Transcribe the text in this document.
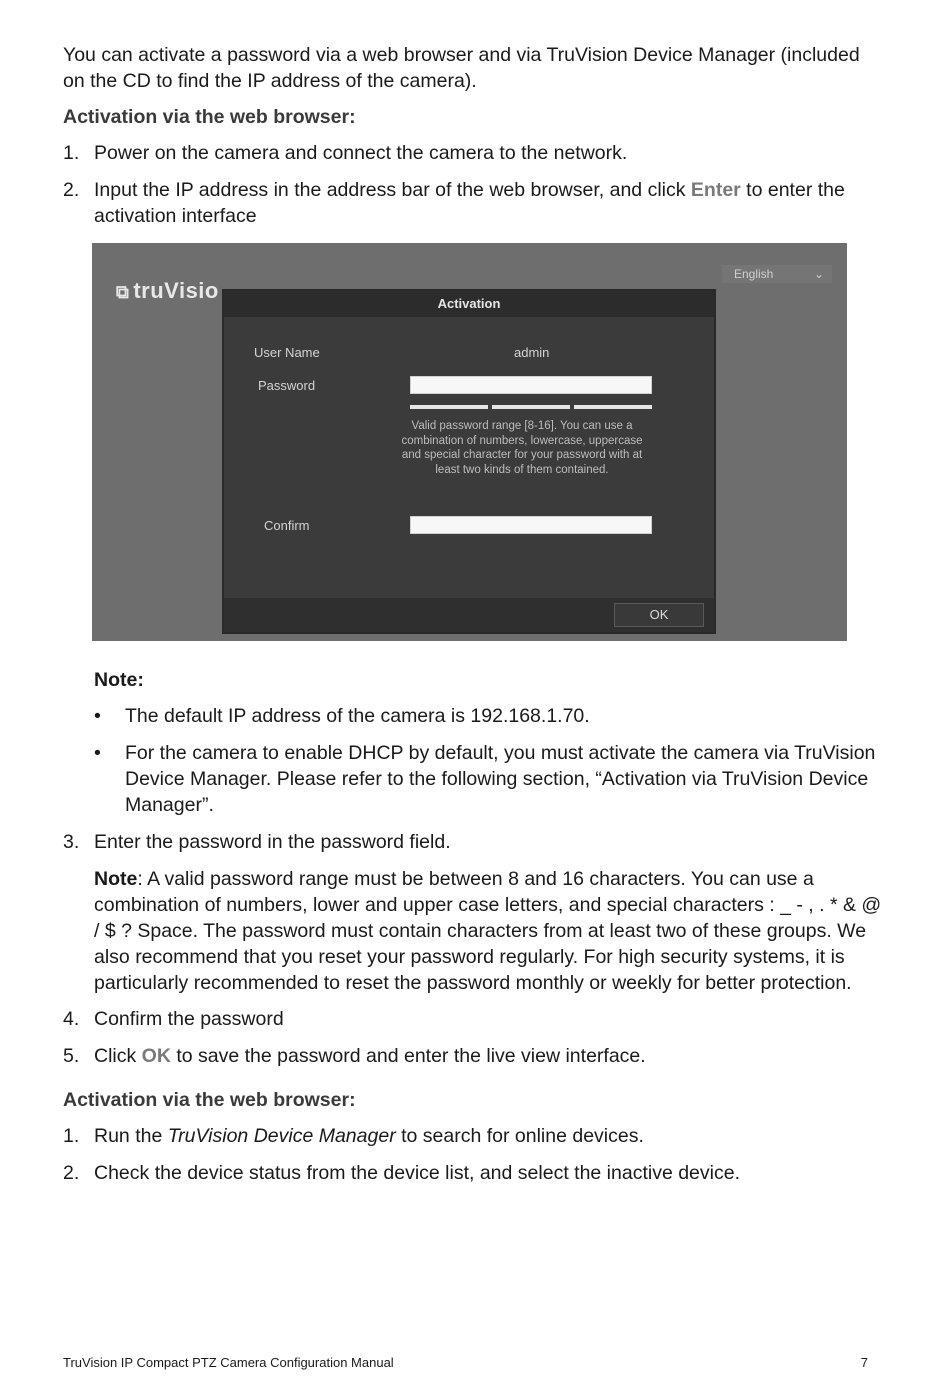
You can activate a password via a web browser and via TruVision Device Manager (included on the CD to find the IP address of the camera).

Activation via the web browser:

1. Power on the camera and connect the camera to the network.
2. Input the IP address in the address bar of the web browser, and click Enter to enter the activation interface
⧉ truVisio
English	⌄
Activation
User Name	admin
Password
Valid password range [8-16]. You can use a combination of numbers, lowercase, uppercase and special character for your password with at least two kinds of them contained.
Confirm
OK

Note:

• The default IP address of the camera is 192.168.1.70.
• For the camera to enable DHCP by default, you must activate the camera via TruVision Device Manager. Please refer to the following section, “Activation via TruVision Device Manager”.
3. Enter the password in the password field.

Note: A valid password range must be between 8 and 16 characters. You can use a combination of numbers, lower and upper case letters, and special characters : _ - , . * & @ / $ ? Space. The password must contain characters from at least two of these groups. We also recommend that you reset your password regularly. For high security systems, it is particularly recommended to reset the password monthly or weekly for better protection.

4. Confirm the password
5. Click OK to save the password and enter the live view interface.

Activation via the web browser:

1. Run the TruVision Device Manager to search for online devices.
2. Check the device status from the device list, and select the inactive device.
TruVision IP Compact PTZ Camera Configuration Manual	7
